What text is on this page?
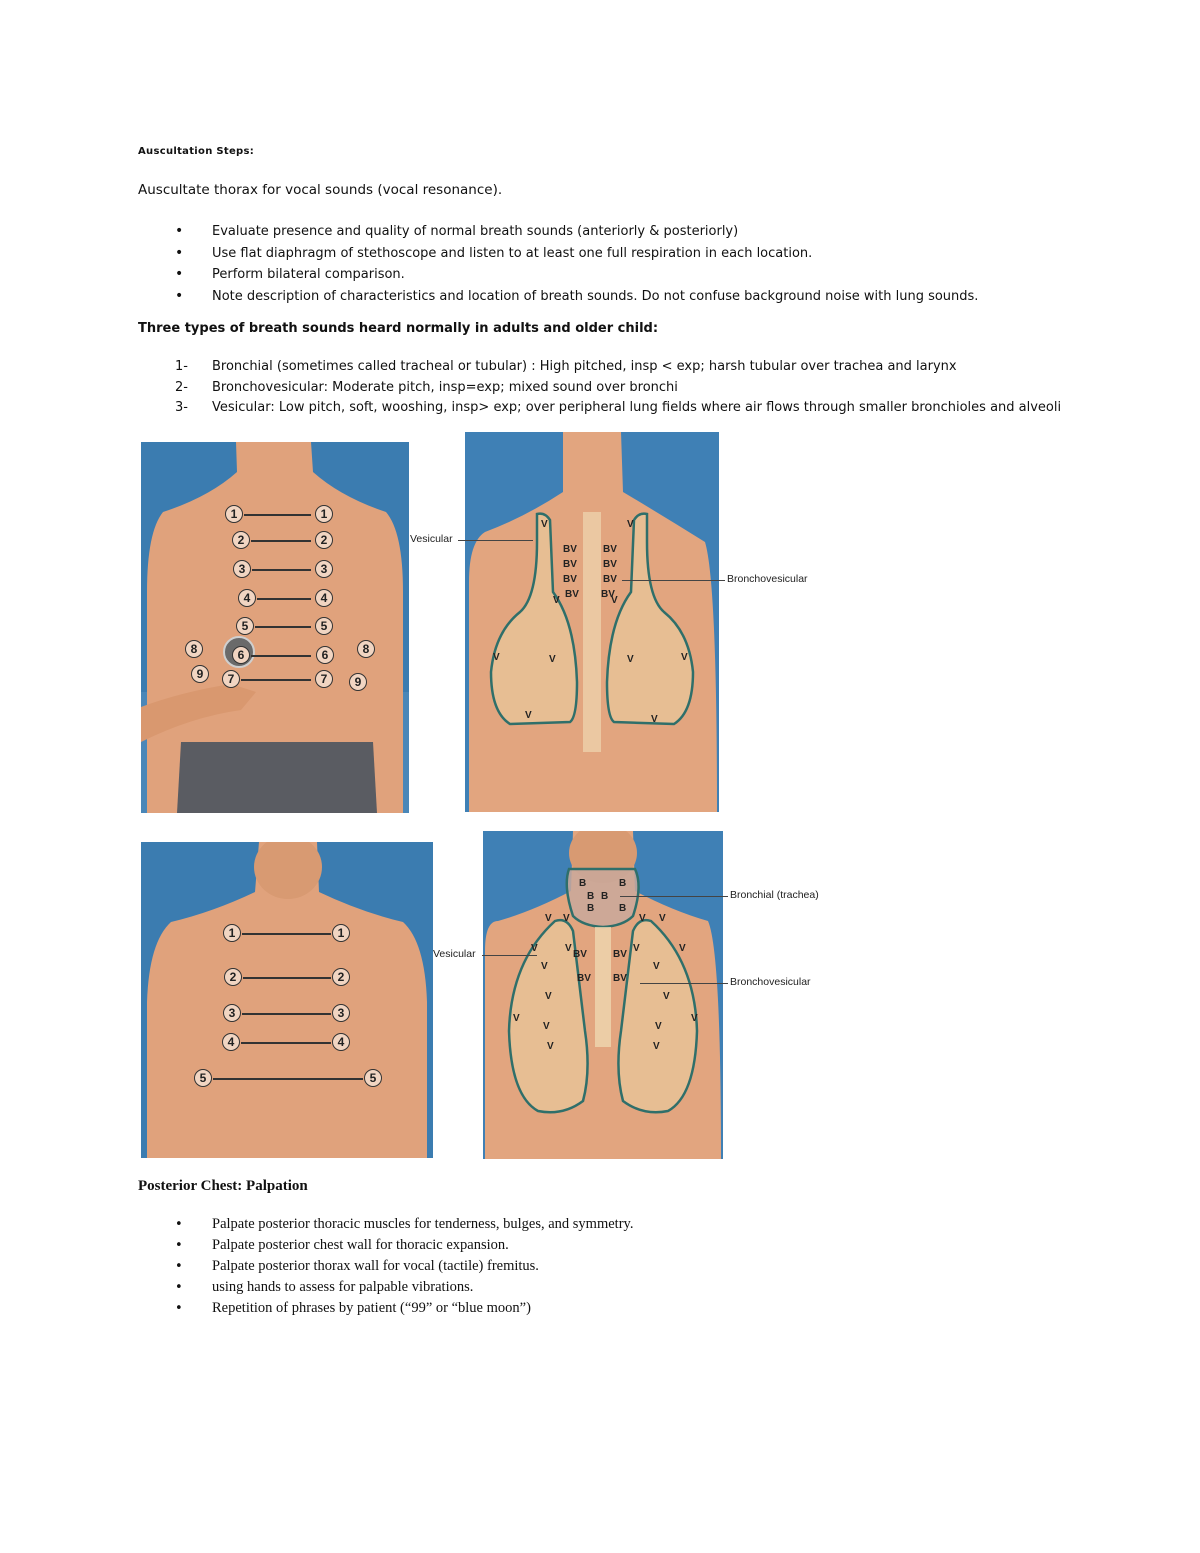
Auscultation Steps:
Auscultate thorax for vocal sounds (vocal resonance).
• Evaluate presence and quality of normal breath sounds (anteriorly & posteriorly)
• Use flat diaphragm of stethoscope and listen to at least one full respiration in each location.
• Perform bilateral comparison.
• Note description of characteristics and location of breath sounds. Do not confuse background noise with lung sounds.
Three types of breath sounds heard normally in adults and older child:
1- Bronchial (sometimes called tracheal or tubular) : High pitched, insp < exp; harsh tubular over trachea and larynx
2- Bronchovesicular: Moderate pitch, insp=exp; mixed sound over bronchi
3- Vesicular: Low pitch, soft, wooshing, insp> exp; over peripheral lung fields where air flows through smaller bronchioles and alveoli
1	1
2	2
3	3
4	4
5	5
6	6
7	7
8	8
9
9
V	V
V	V
V	V	V	V
V	V
BV	BV
BV	BV
BV	BV
BV BV
Vesicular
Bronchovesicular
1	1
2	2
3	3
4	4
5	5
B	B
B B
B B
BV	BV
BV BV
V V	V V
V	V	V	V
V	V
V	V
V
V	V
V
V	V
Bronchial (trachea)
Vesicular
Bronchovesicular
Posterior Chest: Palpation
• Palpate posterior thoracic muscles for tenderness, bulges, and symmetry.
• Palpate posterior chest wall for thoracic expansion.
• Palpate posterior thorax wall for vocal (tactile) fremitus.
• using hands to assess for palpable vibrations.
• Repetition of phrases by patient (“99” or “blue moon”)
